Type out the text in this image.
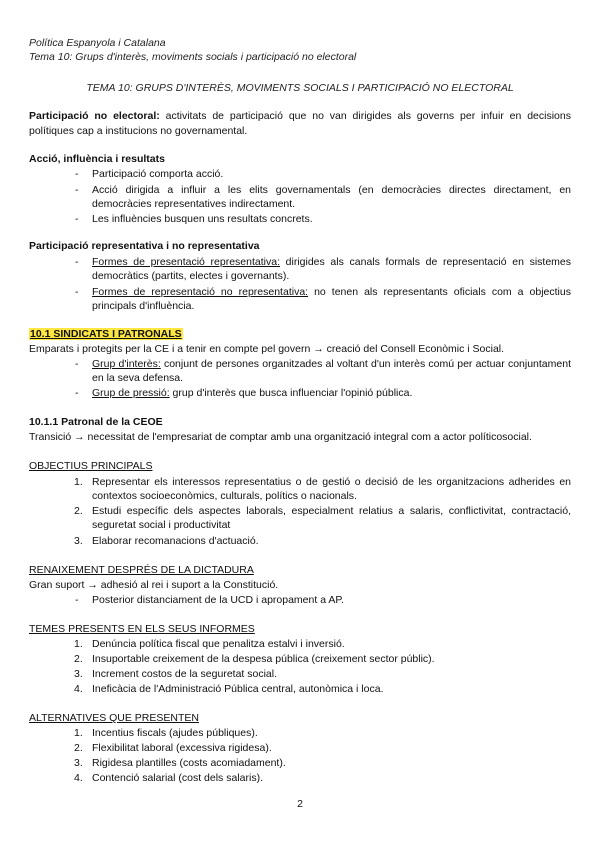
Política Espanyola i Catalana
Tema 10: Grups d'interès, moviments socials i participació no electoral
TEMA 10: GRUPS D'INTERÈS, MOVIMENTS SOCIALS I PARTICIPACIÓ NO ELECTORAL
Participació no electoral: activitats de participació que no van dirigides als governs per infuir en decisions polítiques cap a institucions no governamental.
Acció, influència i resultats
- Participació comporta acció.
- Acció dirigida a influir a les elits governamentals (en democràcies directes directament, en democràcies representatives indirectament.
- Les influències busquen uns resultats concrets.
Participació representativa i no representativa
- Formes de presentació representativa: dirigides als canals formals de representació en sistemes democràtics (partits, electes i governants).
- Formes de representació no representativa: no tenen als representants oficials com a objectius principals d'influència.
10.1 SINDICATS I PATRONALS
Emparats i protegits per la CE i a tenir en compte pel govern → creació del Consell Econòmic i Social.
- Grup d'interès: conjunt de persones organitzades al voltant d'un interès comú per actuar conjuntament en la seva defensa.
- Grup de pressió: grup d'interès que busca influenciar l'opinió pública.
10.1.1 Patronal de la CEOE
Transició → necessitat de l'empresariat de comptar amb una organització integral com a actor políticosocial.
OBJECTIUS PRINCIPALS
1. Representar els interessos representatius o de gestió o decisió de les organitzacions adherides en contextos socioeconòmics, culturals, polítics o nacionals.
2. Estudi específic dels aspectes laborals, especialment relatius a salaris, conflictivitat, contractació, seguretat social i productivitat
3. Elaborar recomanacions d'actuació.
RENAIXEMENT DESPRÉS DE LA DICTADURA
Gran suport → adhesió al rei i suport a la Constitució.
- Posterior distanciament de la UCD i apropament a AP.
TEMES PRESENTS EN ELS SEUS INFORMES
1. Denúncia política fiscal que penalitza estalvi i inversió.
2. Insuportable creixement de la despesa pública (creixement sector públic).
3. Increment costos de la seguretat social.
4. Ineficàcia de l'Administració Pública central, autonòmica i loca.
ALTERNATIVES QUE PRESENTEN
1. Incentius fiscals (ajudes públiques).
2. Flexibilitat laboral (excessiva rigidesa).
3. Rigidesa plantilles (costs acomiadament).
4. Contenció salarial (cost dels salaris).
2
